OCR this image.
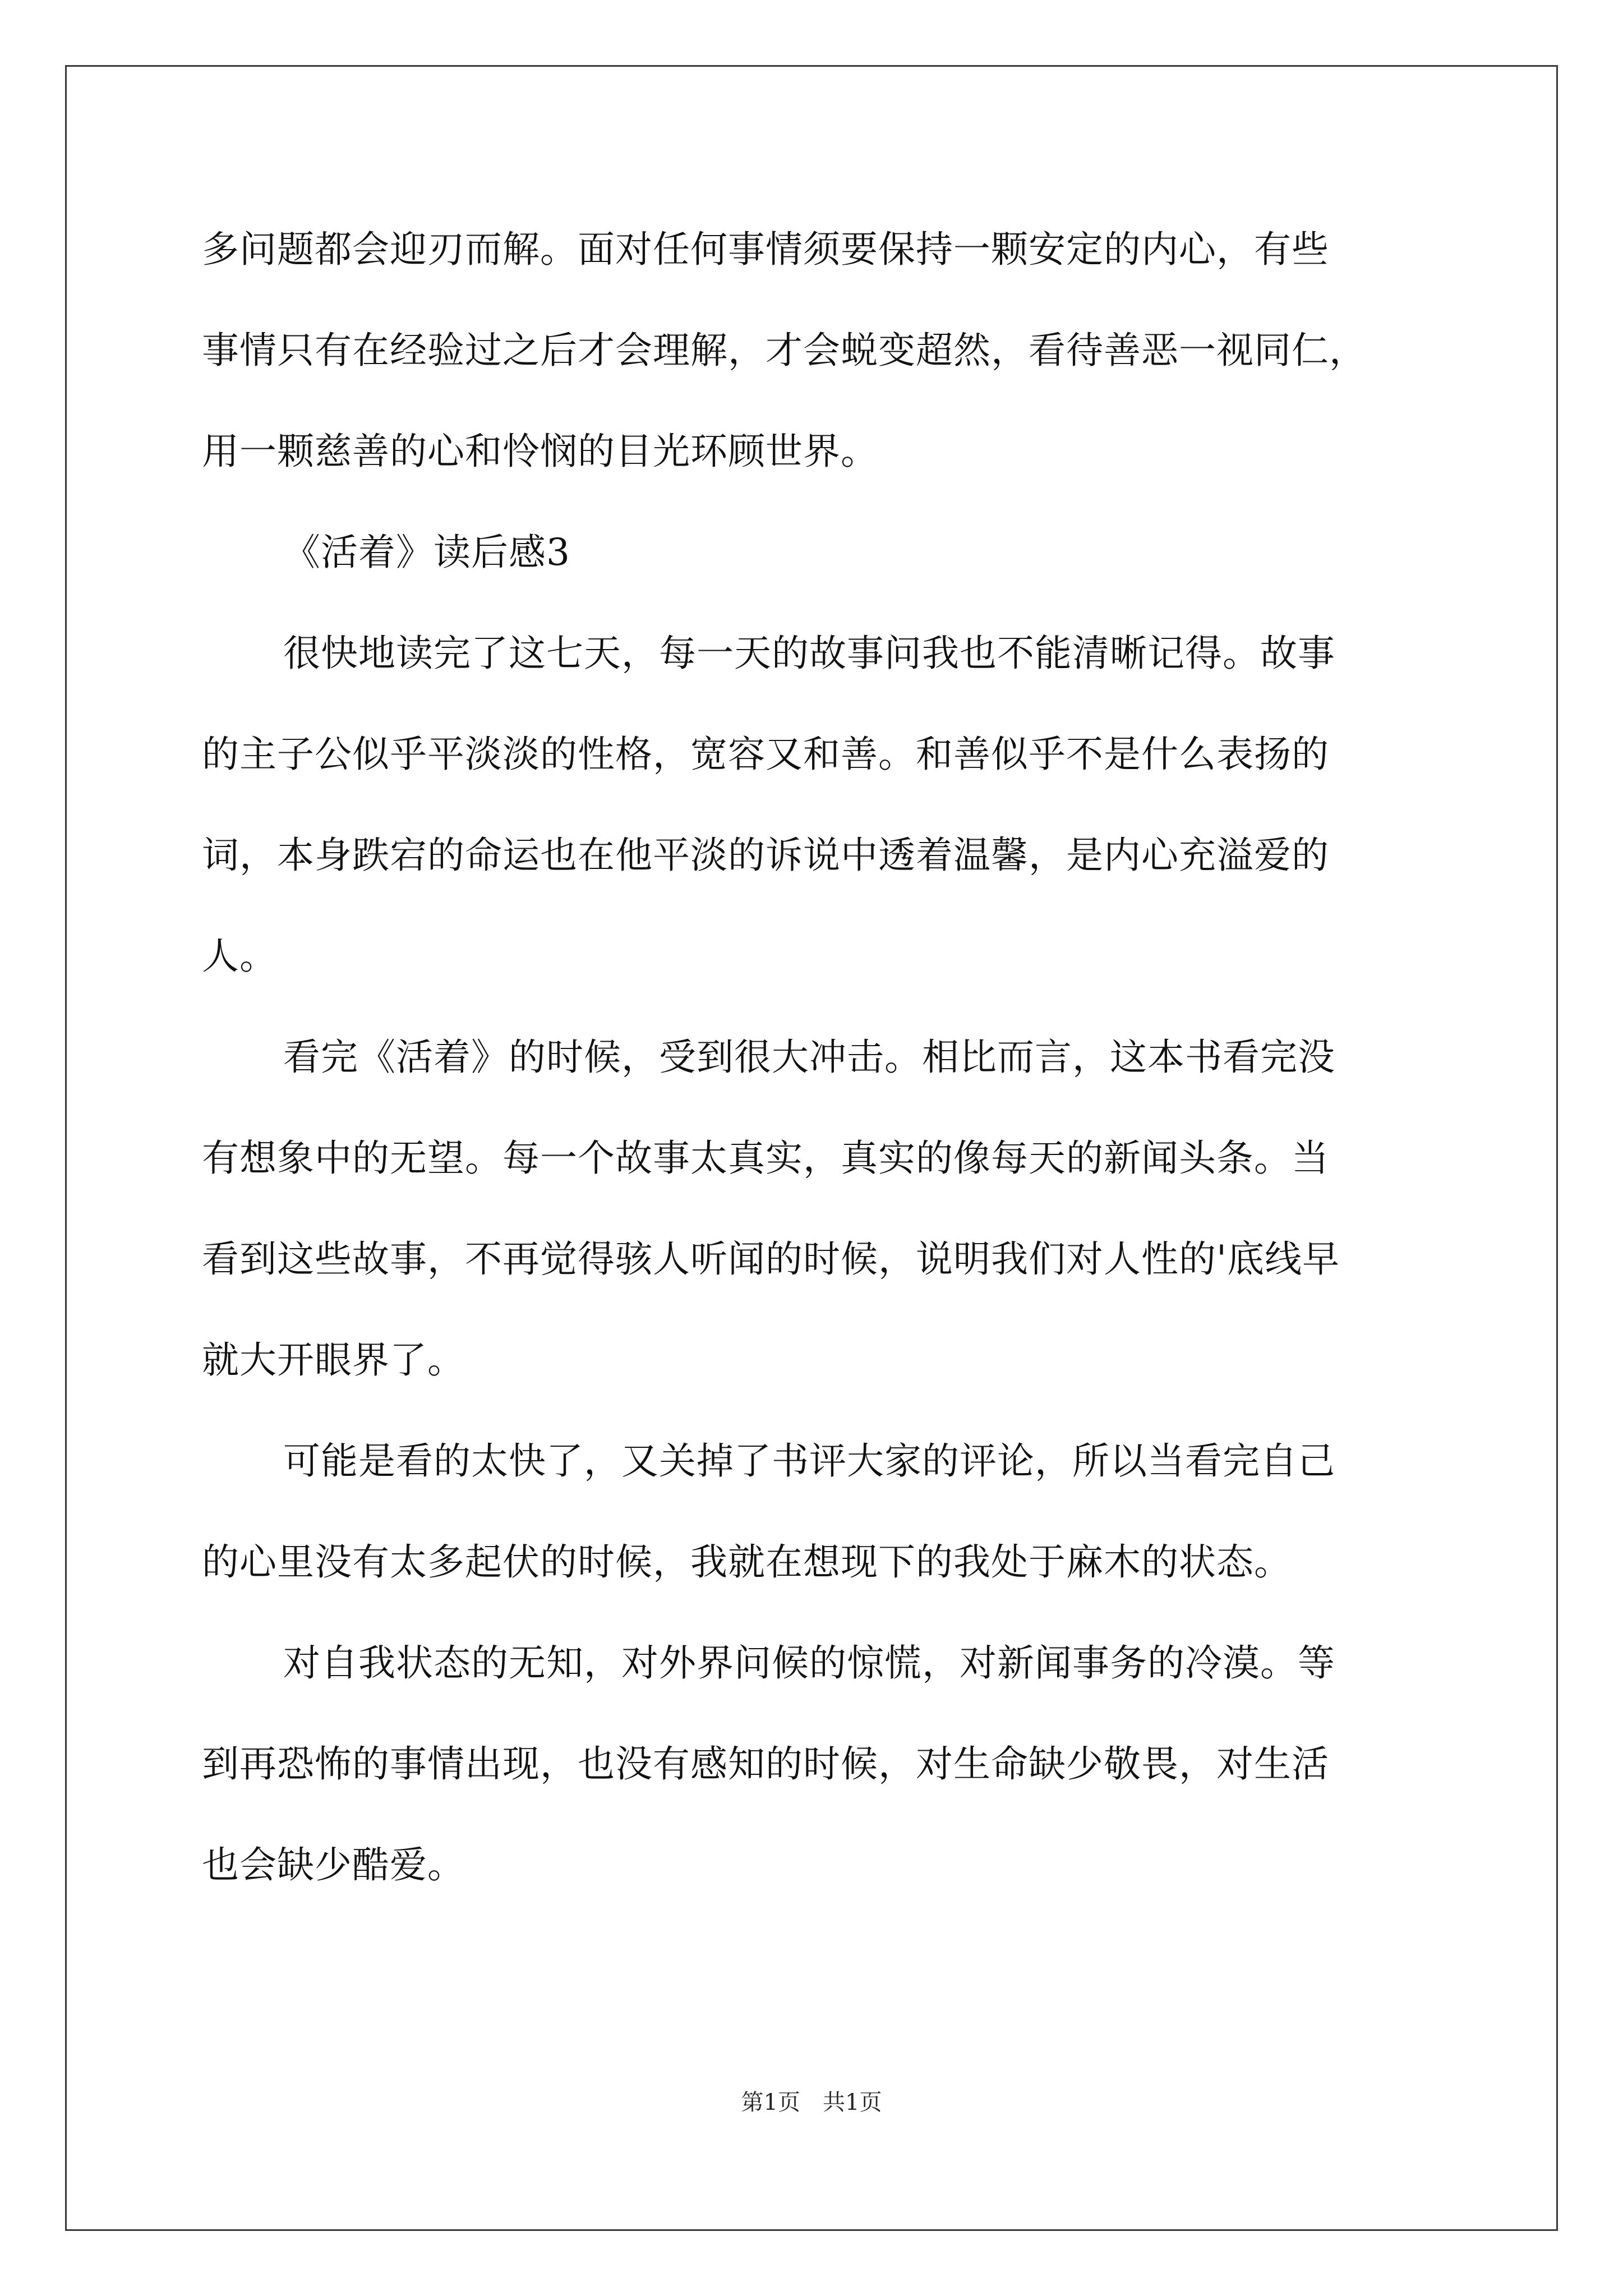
多问题都会迎刃而解。面对任何事情须要保持一颗安定的内心，有些
事情只有在经验过之后才会理解，才会蜕变超然，看待善恶一视同仁，
用一颗慈善的心和怜悯的目光环顾世界。
《活着》读后感3
很快地读完了这七天，每一天的故事问我也不能清晰记得。故事
的主子公似乎平淡淡的性格，宽容又和善。和善似乎不是什么表扬的
词，本身跌宕的命运也在他平淡的诉说中透着温馨，是内心充溢爱的
人。
看完《活着》的时候，受到很大冲击。相比而言，这本书看完没
有想象中的无望。每一个故事太真实，真实的像每天的新闻头条。当
看到这些故事，不再觉得骇人听闻的时候，说明我们对人性的'底线早
就大开眼界了。
可能是看的太快了，又关掉了书评大家的评论，所以当看完自己
的心里没有太多起伏的时候，我就在想现下的我处于麻木的状态。
对自我状态的无知，对外界问候的惊慌，对新闻事务的冷漠。等
到再恐怖的事情出现，也没有感知的时候，对生命缺少敬畏，对生活
也会缺少酷爱。
第1页　共1页
